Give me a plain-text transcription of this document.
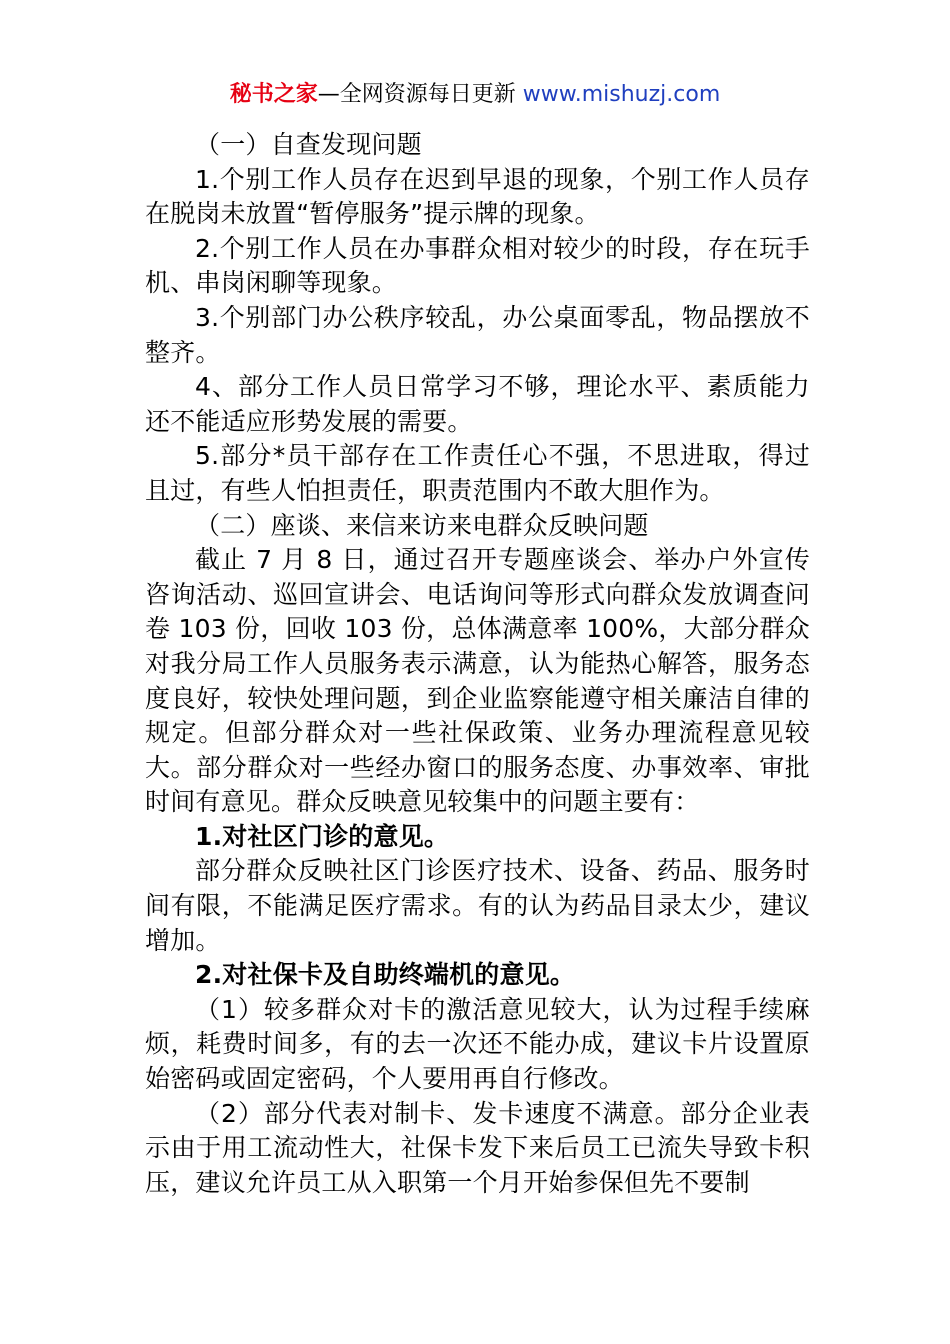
秘书之家—全网资源每日更新 www.mishuzj.com

（一）自查发现问题

1.个别工作人员存在迟到早退的现象，个别工作人员存在脱岗未放置“暂停服务”提示牌的现象。

2.个别工作人员在办事群众相对较少的时段，存在玩手机、串岗闲聊等现象。

3.个别部门办公秩序较乱，办公桌面零乱，物品摆放不整齐。

4、部分工作人员日常学习不够，理论水平、素质能力还不能适应形势发展的需要。

5.部分*员干部存在工作责任心不强，不思进取，得过且过，有些人怕担责任，职责范围内不敢大胆作为。

（二）座谈、来信来访来电群众反映问题

截止 7 月 8 日，通过召开专题座谈会、举办户外宣传咨询活动、巡回宣讲会、电话询问等形式向群众发放调查问卷 103 份，回收 103 份，总体满意率 100%，大部分群众对我分局工作人员服务表示满意，认为能热心解答，服务态度良好，较快处理问题，到企业监察能遵守相关廉洁自律的规定。但部分群众对一些社保政策、业务办理流程意见较大。部分群众对一些经办窗口的服务态度、办事效率、审批时间有意见。群众反映意见较集中的问题主要有：

1.对社区门诊的意见。

部分群众反映社区门诊医疗技术、设备、药品、服务时间有限，不能满足医疗需求。有的认为药品目录太少，建议增加。

2.对社保卡及自助终端机的意见。

（1）较多群众对卡的激活意见较大，认为过程手续麻烦，耗费时间多，有的去一次还不能办成，建议卡片设置原始密码或固定密码，个人要用再自行修改。

（2）部分代表对制卡、发卡速度不满意。部分企业表示由于用工流动性大，社保卡发下来后员工已流失导致卡积压，建议允许员工从入职第一个月开始参保但先不要制
